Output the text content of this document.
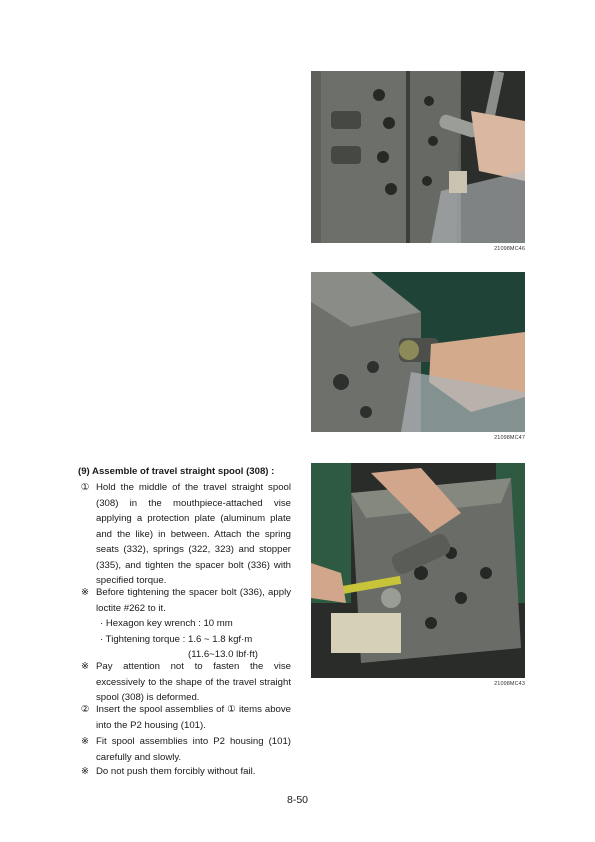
21098MC46
21098MC47
21098MC43
(9) Assemble of travel straight spool (308) :
① Hold the middle of the travel straight spool (308) in the mouthpiece-attached vise applying a protection plate (aluminum plate and the like) in between. Attach the spring seats (332), springs (322, 323) and stopper (335), and tighten the spacer bolt (336) with specified torque.
※ Before tightening the spacer bolt (336), apply loctite #262 to it.
· Hexagon key wrench : 10 mm
· Tightening torque : 1.6 ~ 1.8 kgf·m
(11.6~13.0 lbf·ft)
※ Pay attention not to fasten the vise excessively to the shape of the travel straight spool (308) is deformed.
② Insert the spool assemblies of ① items above into the P2 housing (101).
※ Fit spool assemblies into P2 housing (101) carefully and slowly.
※ Do not push them forcibly without fail.
8-50
